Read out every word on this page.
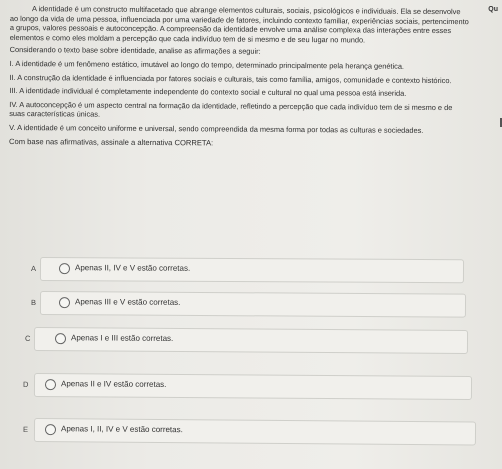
Qu

A identidade é um constructo multifacetado que abrange elementos culturais, sociais, psicológicos e individuais. Ela se desenvolve ao longo da vida de uma pessoa, influenciada por uma variedade de fatores, incluindo contexto familiar, experiências sociais, pertencimento a grupos, valores pessoais e autoconcepção. A compreensão da identidade envolve uma análise complexa das interações entre esses elementos e como eles moldam a percepção que cada indivíduo tem de si mesmo e de seu lugar no mundo.

Considerando o texto base sobre identidade, analise as afirmações a seguir:

I. A identidade é um fenômeno estático, imutável ao longo do tempo, determinado principalmente pela herança genética.

II. A construção da identidade é influenciada por fatores sociais e culturais, tais como família, amigos, comunidade e contexto histórico.

III. A identidade individual é completamente independente do contexto social e cultural no qual uma pessoa está inserida.

IV. A autoconcepção é um aspecto central na formação da identidade, refletindo a percepção que cada indivíduo tem de si mesmo e de suas características únicas.

V. A identidade é um conceito uniforme e universal, sendo compreendida da mesma forma por todas as culturas e sociedades.

Com base nas afirmativas, assinale a alternativa CORRETA:

A	Apenas II, IV e V estão corretas.
B	Apenas III e V estão corretas.
C	Apenas I e III estão corretas.
D	Apenas II e IV estão corretas.
E	Apenas I, II, IV e V estão corretas.
